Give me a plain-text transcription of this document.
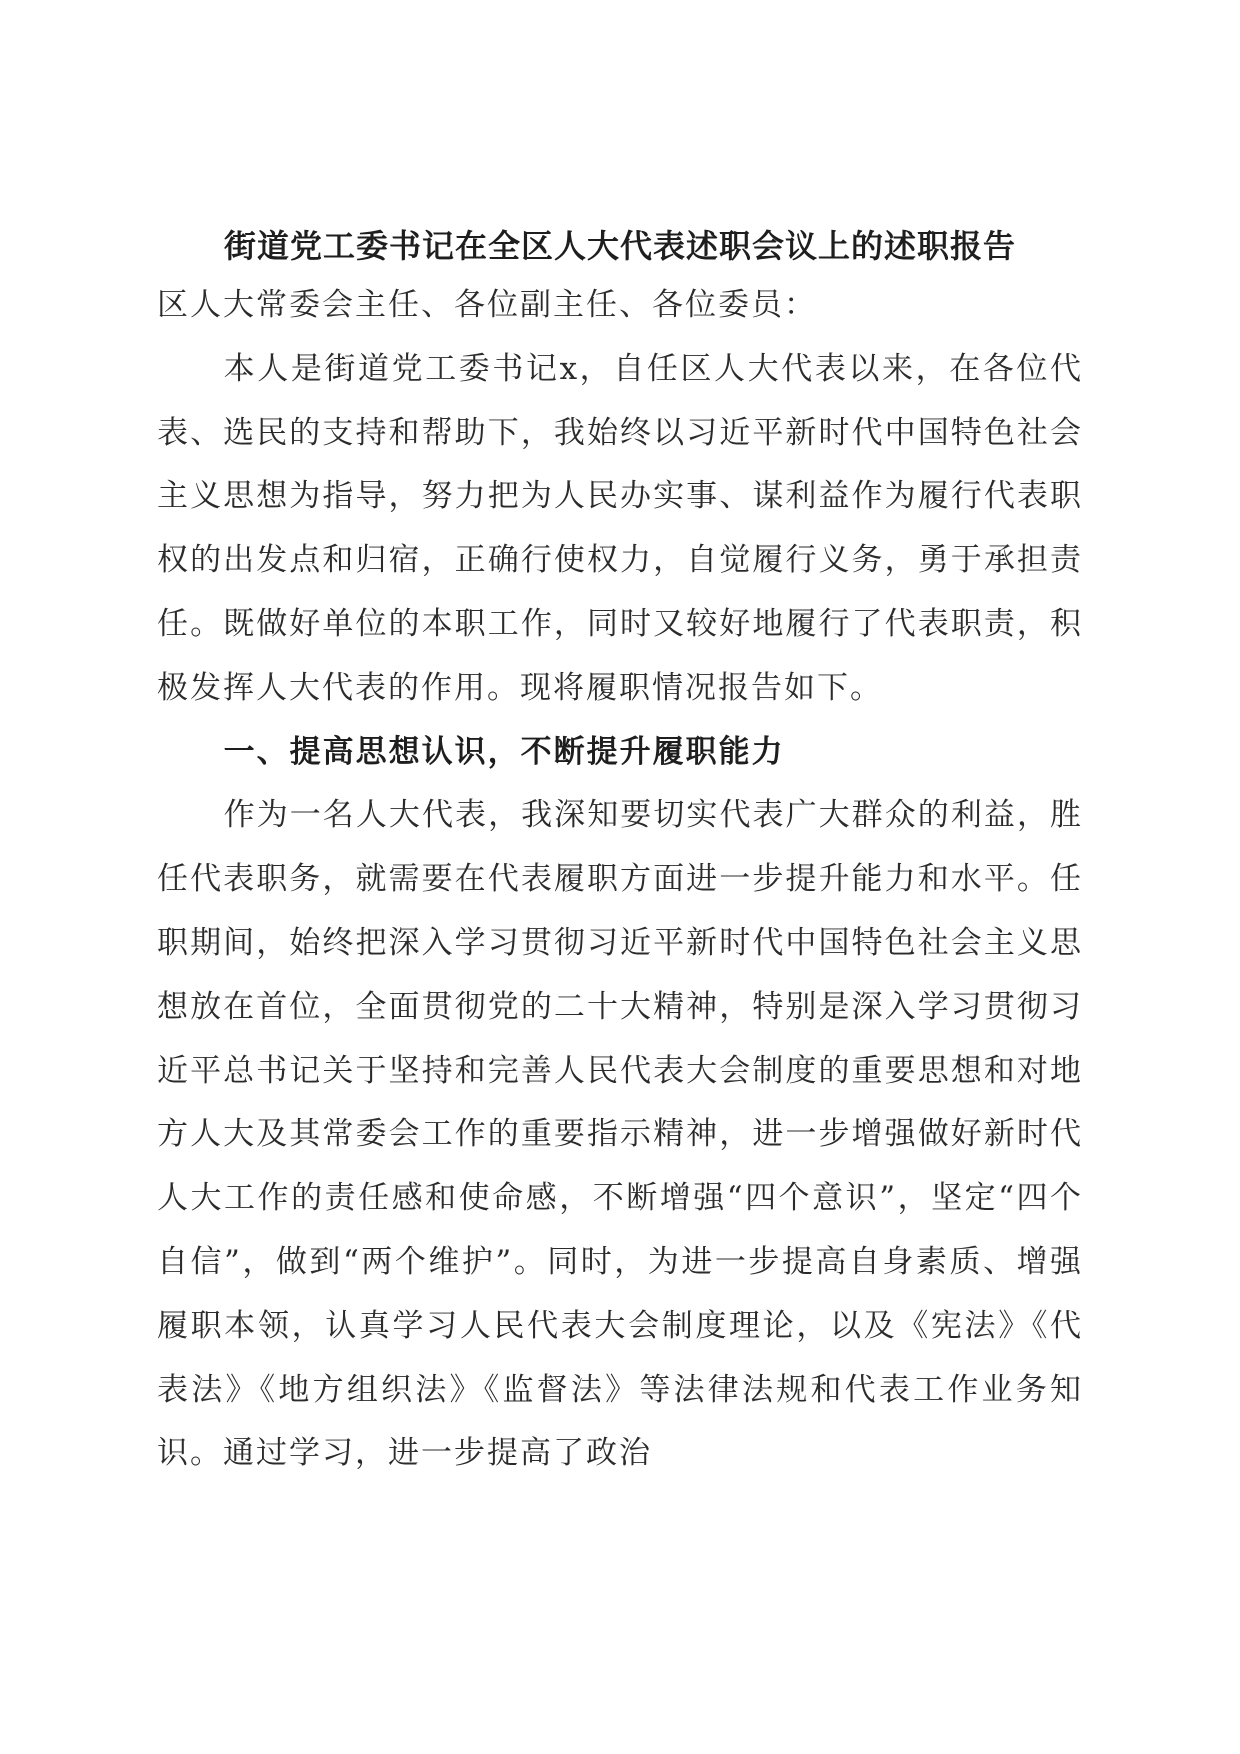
街道党工委书记在全区人大代表述职会议上的述职报告

区人大常委会主任、各位副主任、各位委员：

本人是街道党工委书记x，自任区人大代表以来，在各位代表、选民的支持和帮助下，我始终以习近平新时代中国特色社会主义思想为指导，努力把为人民办实事、谋利益作为履行代表职权的出发点和归宿，正确行使权力，自觉履行义务，勇于承担责任。既做好单位的本职工作，同时又较好地履行了代表职责，积极发挥人大代表的作用。现将履职情况报告如下。

一、提高思想认识，不断提升履职能力

作为一名人大代表，我深知要切实代表广大群众的利益，胜任代表职务，就需要在代表履职方面进一步提升能力和水平。任职期间，始终把深入学习贯彻习近平新时代中国特色社会主义思想放在首位，全面贯彻党的二十大精神，特别是深入学习贯彻习近平总书记关于坚持和完善人民代表大会制度的重要思想和对地方人大及其常委会工作的重要指示精神，进一步增强做好新时代人大工作的责任感和使命感，不断增强“四个意识”，坚定“四个自信”，做到“两个维护”。同时，为进一步提高自身素质、增强履职本领，认真学习人民代表大会制度理论，以及《宪法》《代表法》《地方组织法》《监督法》等法律法规和代表工作业务知识。通过学习，进一步提高了政治
